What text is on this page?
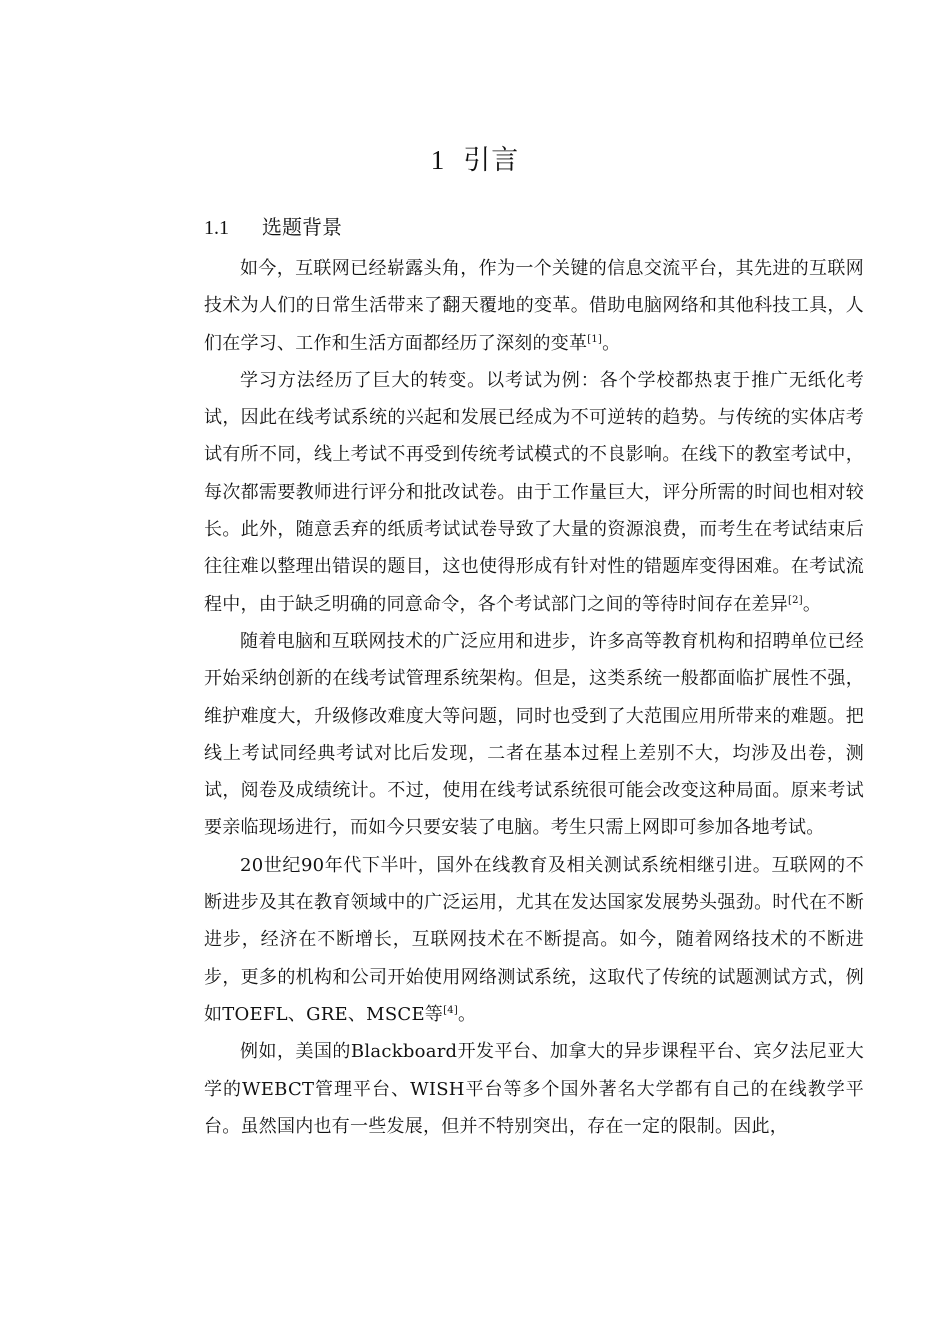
1 引言
1.1 选题背景

如今，互联网已经崭露头角，作为一个关键的信息交流平台，其先进的互联网技术为人们的日常生活带来了翻天覆地的变革。借助电脑网络和其他科技工具，人们在学习、工作和生活方面都经历了深刻的变革[1]。

学习方法经历了巨大的转变。以考试为例：各个学校都热衷于推广无纸化考试，因此在线考试系统的兴起和发展已经成为不可逆转的趋势。与传统的实体店考试有所不同，线上考试不再受到传统考试模式的不良影响。在线下的教室考试中，每次都需要教师进行评分和批改试卷。由于工作量巨大，评分所需的时间也相对较长。此外，随意丢弃的纸质考试试卷导致了大量的资源浪费，而考生在考试结束后往往难以整理出错误的题目，这也使得形成有针对性的错题库变得困难。在考试流程中，由于缺乏明确的同意命令，各个考试部门之间的等待时间存在差异[2]。

随着电脑和互联网技术的广泛应用和进步，许多高等教育机构和招聘单位已经开始采纳创新的在线考试管理系统架构。但是，这类系统一般都面临扩展性不强，维护难度大，升级修改难度大等问题，同时也受到了大范围应用所带来的难题。把线上考试同经典考试对比后发现，二者在基本过程上差别不大，均涉及出卷，测试，阅卷及成绩统计。不过，使用在线考试系统很可能会改变这种局面。原来考试要亲临现场进行，而如今只要安装了电脑。考生只需上网即可参加各地考试。

20世纪90年代下半叶，国外在线教育及相关测试系统相继引进。互联网的不断进步及其在教育领域中的广泛运用，尤其在发达国家发展势头强劲。时代在不断进步，经济在不断增长，互联网技术在不断提高。如今，随着网络技术的不断进步，更多的机构和公司开始使用网络测试系统，这取代了传统的试题测试方式，例如TOEFL、GRE、MSCE等[4]。

例如，美国的Blackboard开发平台、加拿大的异步课程平台、宾夕法尼亚大学的WEBCT管理平台、WISH平台等多个国外著名大学都有自己的在线教学平台。虽然国内也有一些发展，但并不特别突出，存在一定的限制。因此，
